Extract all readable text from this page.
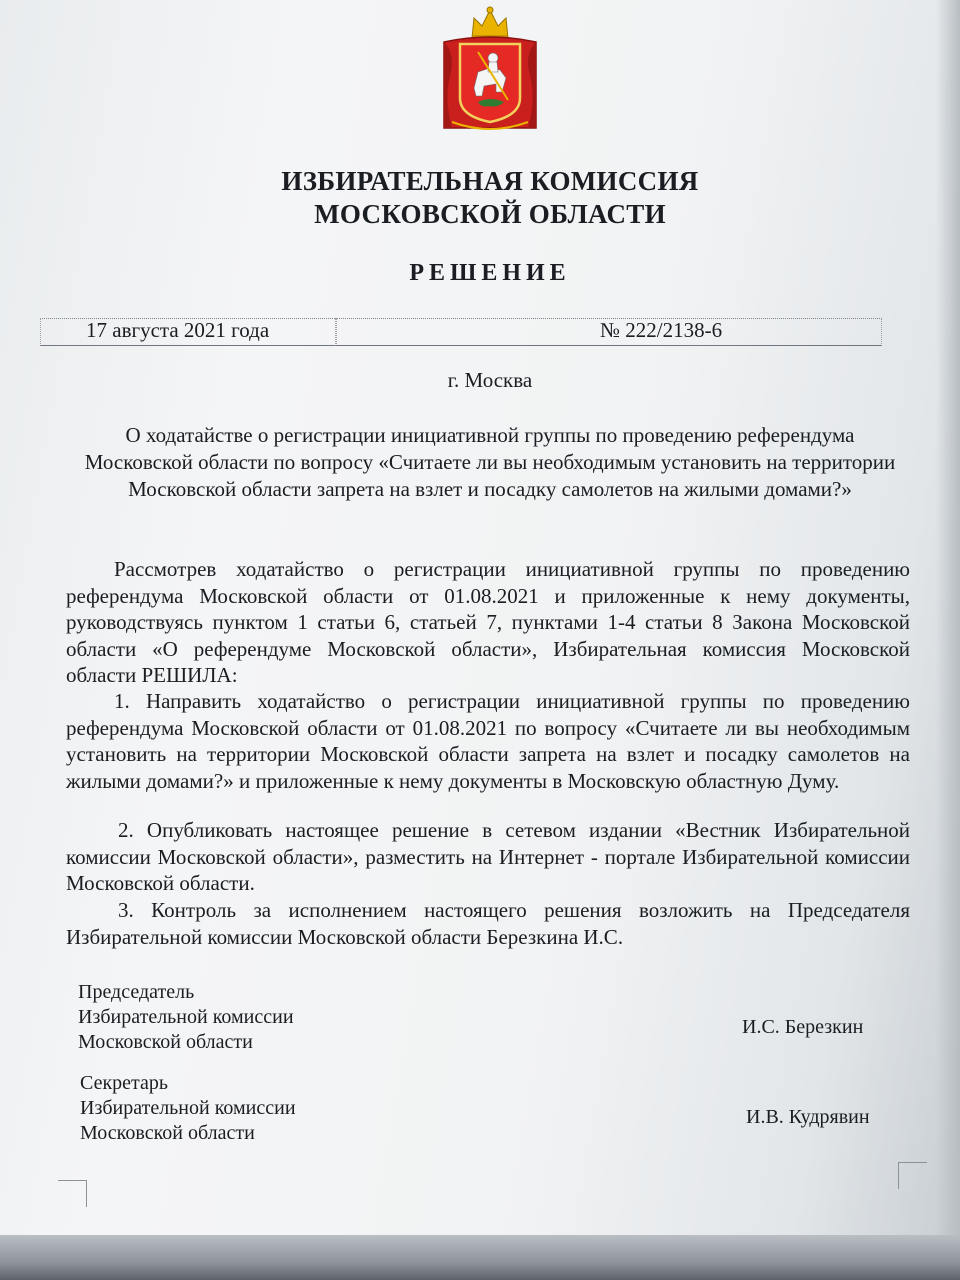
ИЗБИРАТЕЛЬНАЯ КОМИССИЯ
МОСКОВСКОЙ ОБЛАСТИ
РЕШЕНИЕ
17 августа 2021 года	№ 222/2138-6
г. Москва
О ходатайстве о регистрации инициативной группы по проведению референдума Московской области по вопросу «Считаете ли вы необходимым установить на территории Московской области запрета на взлет и посадку самолетов на жилыми домами?»
Рассмотрев ходатайство о регистрации инициативной группы по проведению референдума Московской области от 01.08.2021 и приложенные к нему документы, руководствуясь пунктом 1 статьи 6, статьей 7, пунктами 1-4 статьи 8 Закона Московской области «О референдуме Московской области», Избирательная комиссия Московской области РЕШИЛА:
1. Направить ходатайство о регистрации инициативной группы по проведению референдума Московской области от 01.08.2021 по вопросу «Считаете ли вы необходимым установить на территории Московской области запрета на взлет и посадку самолетов на жилыми домами?» и приложенные к нему документы в Московскую областную Думу.
2. Опубликовать настоящее решение в сетевом издании «Вестник Избирательной комиссии Московской области», разместить на Интернет - портале Избирательной комиссии Московской области.
3. Контроль за исполнением настоящего решения возложить на Председателя Избирательной комиссии Московской области Березкина И.С.
Председатель
Избирательной комиссии
Московской области
И.С. Березкин
Секретарь
Избирательной комиссии
Московской области
И.В. Кудрявин
